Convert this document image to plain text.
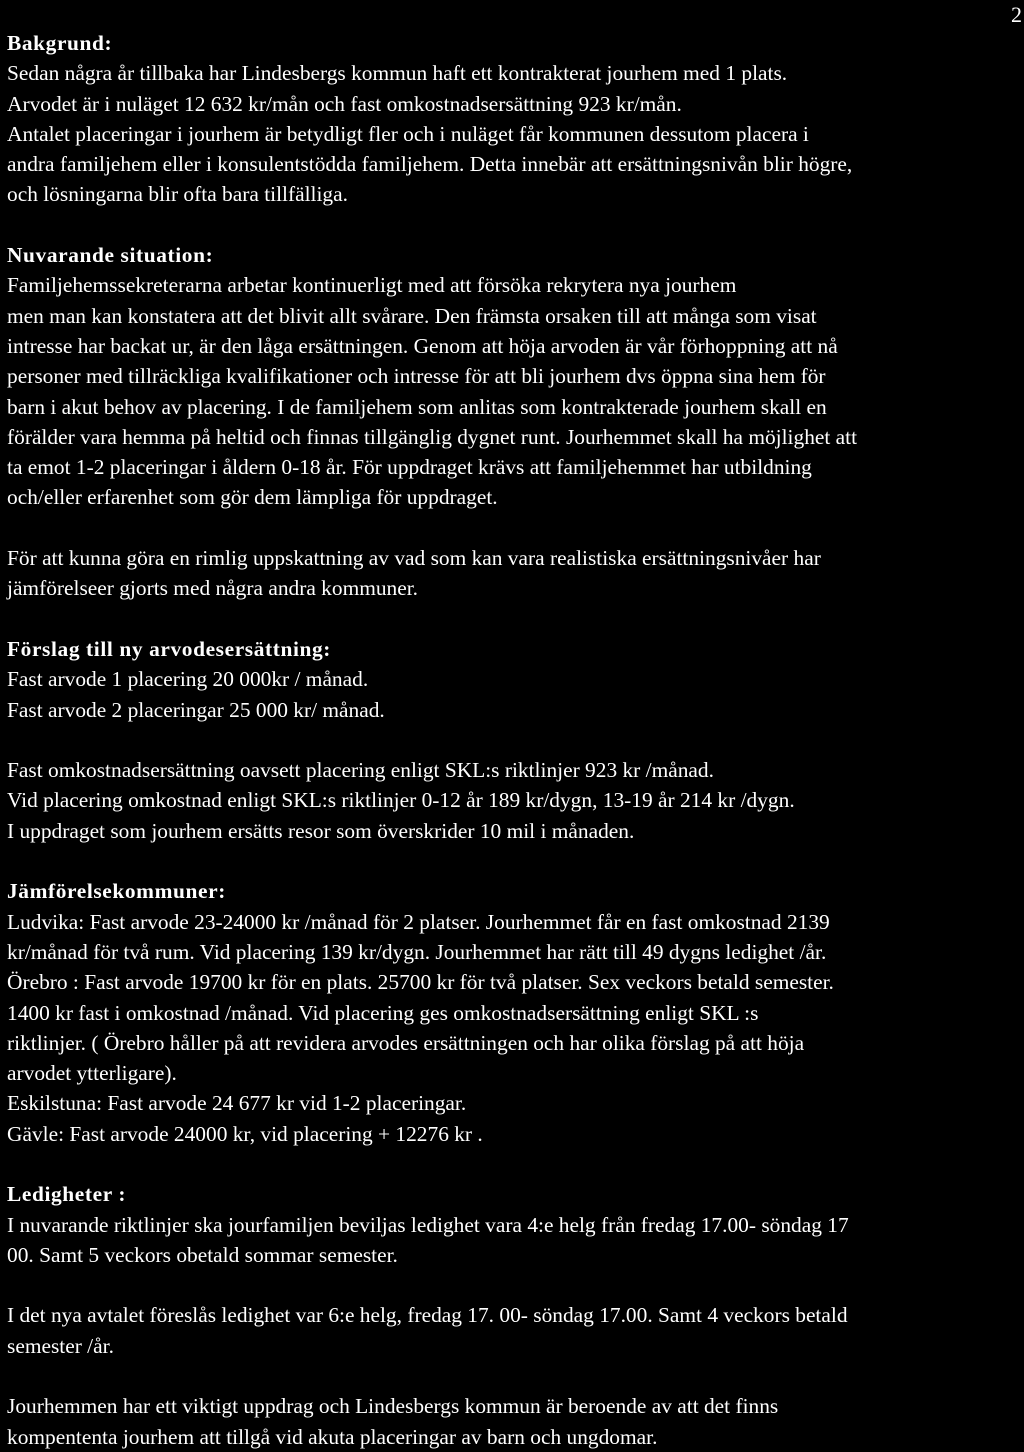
2

Bakgrund:

Sedan några år tillbaka har Lindesbergs kommun haft ett kontrakterat jourhem med 1 plats.

Arvodet är i nuläget 12 632 kr/mån och fast omkostnadsersättning 923 kr/mån.

Antalet placeringar i jourhem är betydligt fler och i nuläget får kommunen dessutom placera i

andra familjehem eller i konsulentstödda familjehem. Detta innebär att ersättningsnivån blir högre,

och lösningarna blir ofta bara tillfälliga.

Nuvarande situation:

Familjehemssekreterarna arbetar kontinuerligt med att försöka rekrytera nya jourhem

men man kan konstatera att det blivit allt svårare. Den främsta orsaken till att många som visat

intresse har backat ur, är den låga ersättningen. Genom att höja arvoden är vår förhoppning att nå

personer med tillräckliga kvalifikationer och intresse för att bli jourhem dvs öppna sina hem för

barn i akut behov av placering. I de familjehem som anlitas som kontrakterade jourhem skall en

förälder vara hemma på heltid och finnas tillgänglig dygnet runt. Jourhemmet skall ha möjlighet att

ta emot 1-2 placeringar i åldern 0-18 år. För uppdraget krävs att familjehemmet har utbildning

och/eller erfarenhet som gör dem lämpliga för uppdraget.

För att kunna göra en rimlig uppskattning av vad som kan vara realistiska ersättningsnivåer har

jämförelseer gjorts med några andra kommuner.

Förslag till ny arvodesersättning:

Fast arvode 1 placering 20 000kr / månad.

Fast arvode 2 placeringar 25 000 kr/ månad.

Fast omkostnadsersättning oavsett placering enligt SKL:s riktlinjer 923 kr /månad.

Vid placering omkostnad enligt SKL:s riktlinjer 0-12 år 189 kr/dygn, 13-19 år 214 kr /dygn.

I uppdraget som jourhem ersätts resor som överskrider 10 mil i månaden.

Jämförelsekommuner:

Ludvika: Fast arvode 23-24000 kr /månad för 2 platser. Jourhemmet får en fast omkostnad 2139

kr/månad för två rum. Vid placering 139 kr/dygn. Jourhemmet har rätt till 49 dygns ledighet /år.

Örebro : Fast arvode 19700 kr för en plats. 25700 kr för två platser. Sex veckors betald semester.

1400 kr fast i omkostnad /månad. Vid placering ges omkostnadsersättning enligt SKL :s

riktlinjer. ( Örebro håller på att revidera arvodes ersättningen och har olika förslag på att höja

arvodet ytterligare).

Eskilstuna: Fast arvode 24 677 kr vid 1-2 placeringar.

Gävle: Fast arvode 24000 kr, vid placering + 12276 kr .

Ledigheter :

I nuvarande riktlinjer ska jourfamiljen beviljas ledighet vara 4:e helg från fredag 17.00- söndag 17

00. Samt 5 veckors obetald sommar semester.

I det nya avtalet föreslås ledighet var 6:e helg, fredag 17. 00- söndag 17.00. Samt 4 veckors betald

semester /år.

Jourhemmen har ett viktigt uppdrag och Lindesbergs kommun är beroende av att det finns

kompententa jourhem att tillgå vid akuta placeringar av barn och ungdomar.
